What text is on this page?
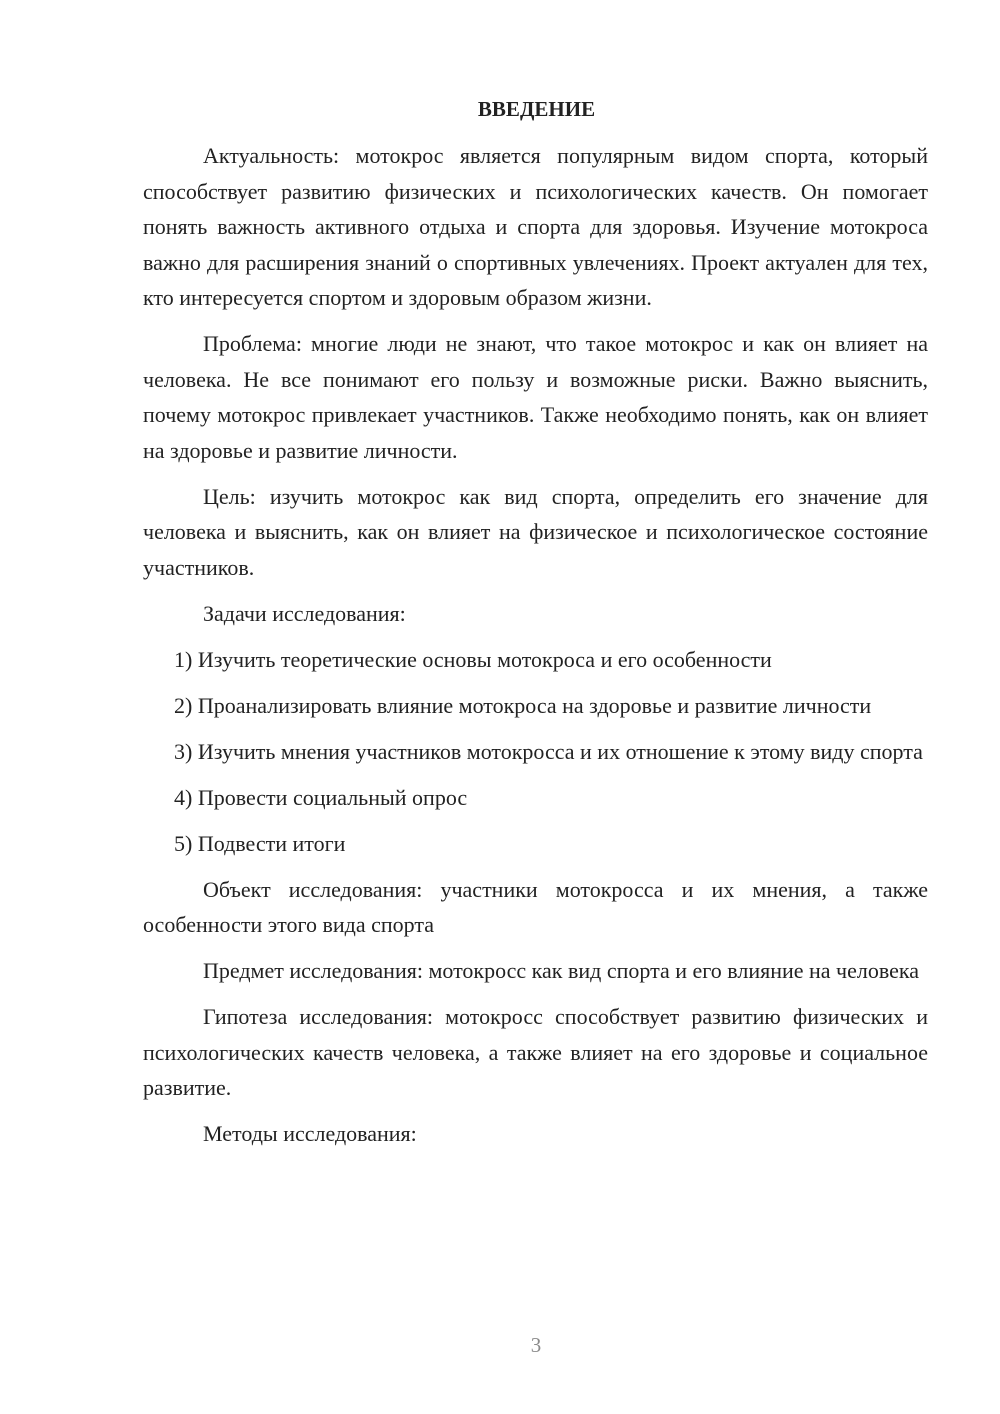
ВВЕДЕНИЕ

Актуальность: мотокрос является популярным видом спорта, который способствует развитию физических и психологических качеств. Он помогает понять важность активного отдыха и спорта для здоровья. Изучение мотокроса важно для расширения знаний о спортивных увлечениях. Проект актуален для тех, кто интересуется спортом и здоровым образом жизни.

Проблема: многие люди не знают, что такое мотокрос и как он влияет на человека. Не все понимают его пользу и возможные риски. Важно выяснить, почему мотокрос привлекает участников. Также необходимо понять, как он влияет на здоровье и развитие личности.

Цель: изучить мотокрос как вид спорта, определить его значение для человека и выяснить, как он влияет на физическое и психологическое состояние участников.

Задачи исследования:

1) Изучить теоретические основы мотокроса и его особенности

2) Проанализировать влияние мотокроса на здоровье и развитие личности

3) Изучить мнения участников мотокросса и их отношение к этому виду спорта

4) Провести социальный опрос

5) Подвести итоги

Объект исследования: участники мотокросса и их мнения, а также особенности этого вида спорта

Предмет исследования: мотокросс как вид спорта и его влияние на человека

Гипотеза исследования: мотокросс способствует развитию физических и психологических качеств человека, а также влияет на его здоровье и социальное развитие.

Методы исследования:

3
